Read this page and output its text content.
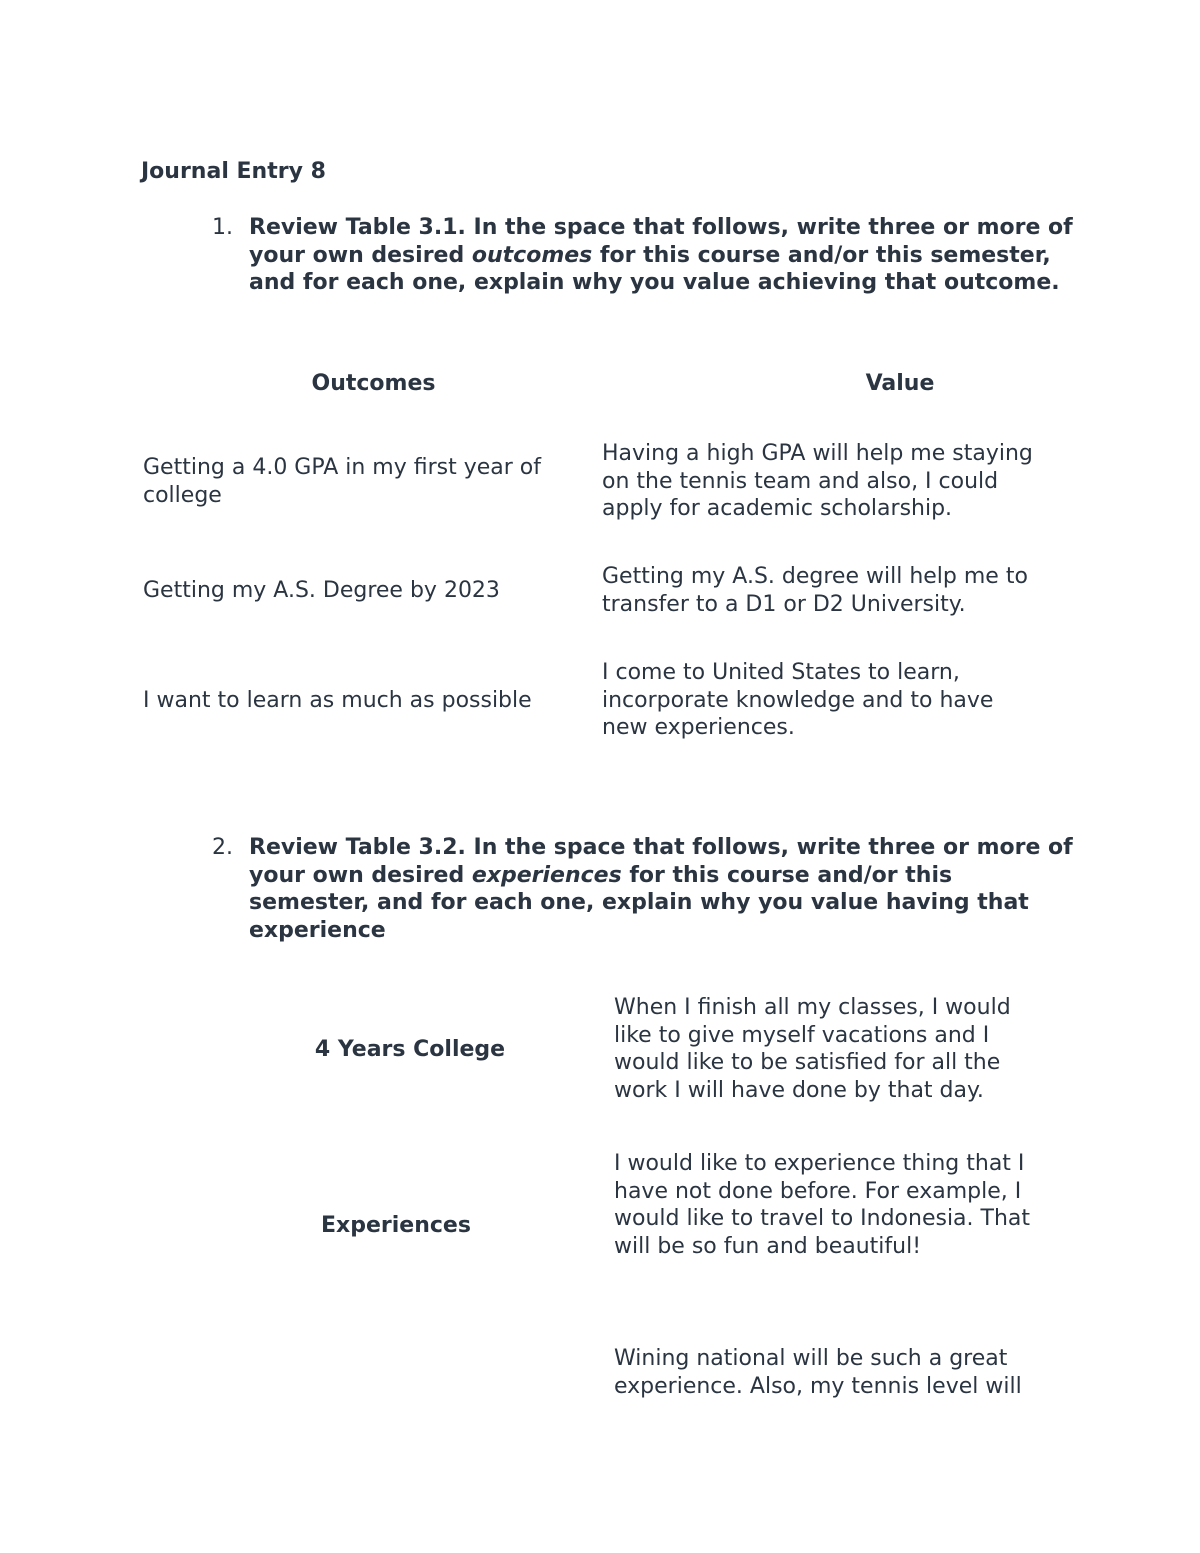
Journal Entry 8
1. Review Table 3.1. In the space that follows, write three or more of your own desired outcomes for this course and/or this semester, and for each one, explain why you value achieving that outcome.
Outcomes	Value
Getting a 4.0 GPA in my first year of college
Having a high GPA will help me staying on the tennis team and also, I could apply for academic scholarship.
Getting my A.S. Degree by 2023
Getting my A.S. degree will help me to transfer to a D1 or D2 University.
I want to learn as much as possible
I come to United States to learn, incorporate knowledge and to have new experiences.
2. Review Table 3.2. In the space that follows, write three or more of your own desired experiences for this course and/or this semester, and for each one, explain why you value having that experience
4 Years College
When I finish all my classes, I would like to give myself vacations and I would like to be satisfied for all the work I will have done by that day.
Experiences
I would like to experience thing that I have not done before. For example, I would like to travel to Indonesia. That will be so fun and beautiful!
Wining national will be such a great experience. Also, my tennis level will
